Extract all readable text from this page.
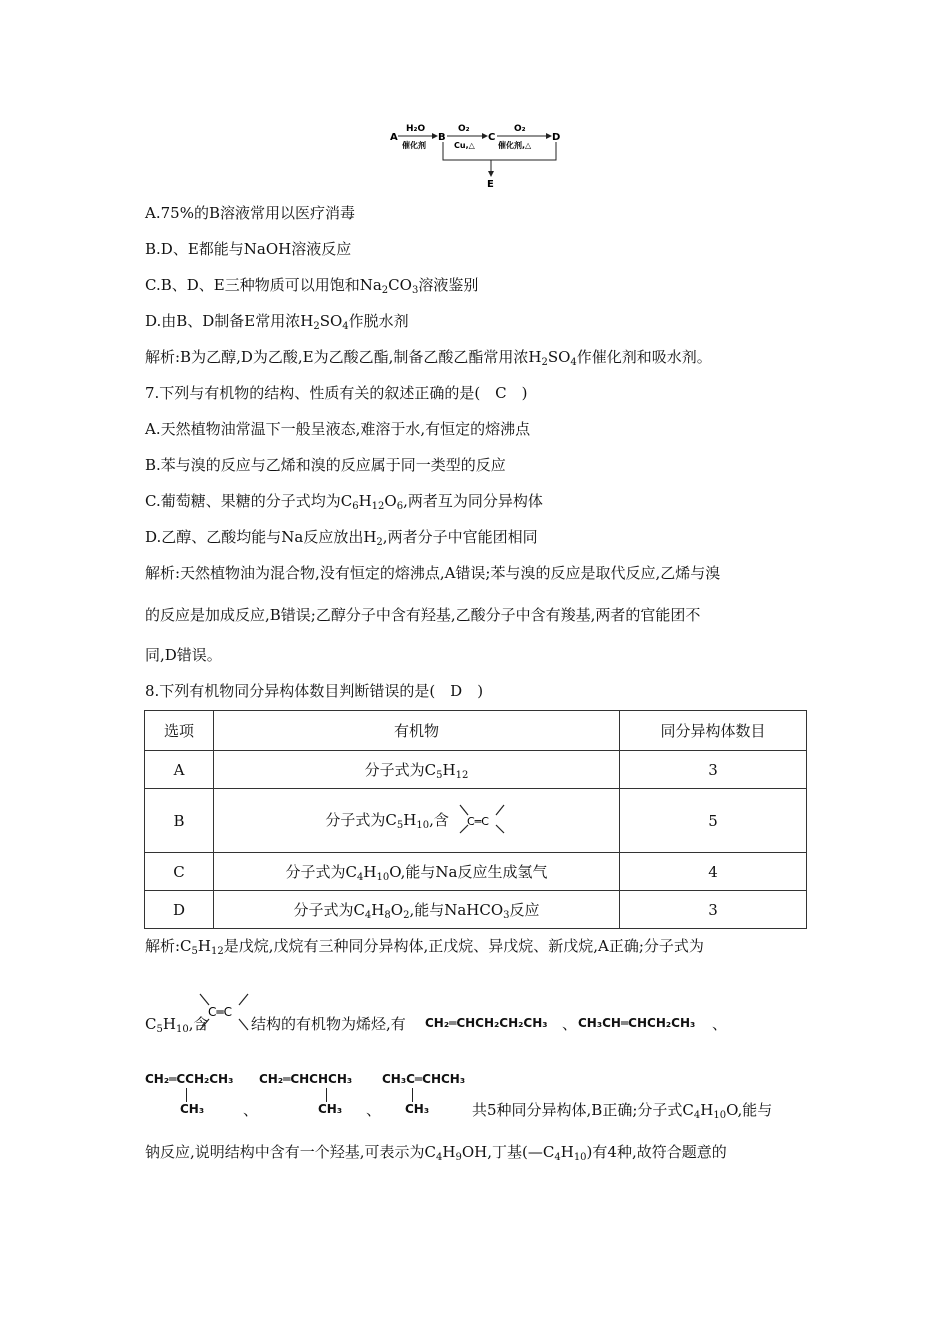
A
H₂O
催化剂
B
O₂
Cu,△
C
O₂
催化剂,△
D
E
A.75%的B溶液常用以医疗消毒
B.D、E都能与NaOH溶液反应
C.B、D、E三种物质可以用饱和$Na_2CO_3$溶液鉴别
D.由B、D制备E常用浓$H_2SO_4$作脱水剂
解析:B为乙醇,D为乙酸,E为乙酸乙酯,制备乙酸乙酯常用浓$H_2SO_4$作催化剂和吸水剂。
7.下列与有机物的结构、性质有关的叙述正确的是(　C　)
A.天然植物油常温下一般呈液态,难溶于水,有恒定的熔沸点
B.苯与溴的反应与乙烯和溴的反应属于同一类型的反应
C.葡萄糖、果糖的分子式均为$C_6H_{12}O_6$,两者互为同分异构体
D.乙醇、乙酸均能与Na反应放出$H_2$,两者分子中官能团相同
解析:天然植物油为混合物,没有恒定的熔沸点,A错误;苯与溴的反应是取代反应,乙烯与溴
的反应是加成反应,B错误;乙醇分子中含有羟基,乙酸分子中含有羧基,两者的官能团不
同,D错误。
8.下列有机物同分异构体数目判断错误的是(　D　)
选项	有机物	同分异构体数目
A	分子式为$C_5H_{12}$	3
B	分子式为$C_5H_{10}$,含 C═C	5
C	分子式为$C_4H_{10}O$,能与Na反应生成氢气	4
D	分子式为$C_4H_8O_2$,能与NaHCO$_3$反应	3
解析$:C_5H_{12}$是戊烷,戊烷有三种同分异构体,正戊烷、异戊烷、新戊烷,A正确;分子式为
$C_5H_{10}$,含
C═C
结构的有机物为烯烃,有 CH₂═CHCH₂CH₂CH₃ 、 CH₃CH═CHCH₂CH₃ 、
CH₂═CCH₂CH₃
CH₃	、
CH₂═CHCHCH₃
CH₃ 、
CH₃C═CHCH₃
CH₃	共5种同分异构体,B正确;分子式$C_4H_{10}O$,能与
钠反应,说明结构中含有一个羟基,可表示为$C_4H_9OH$,丁基$(—C_4H_{10})$有4种,故符合题意的
